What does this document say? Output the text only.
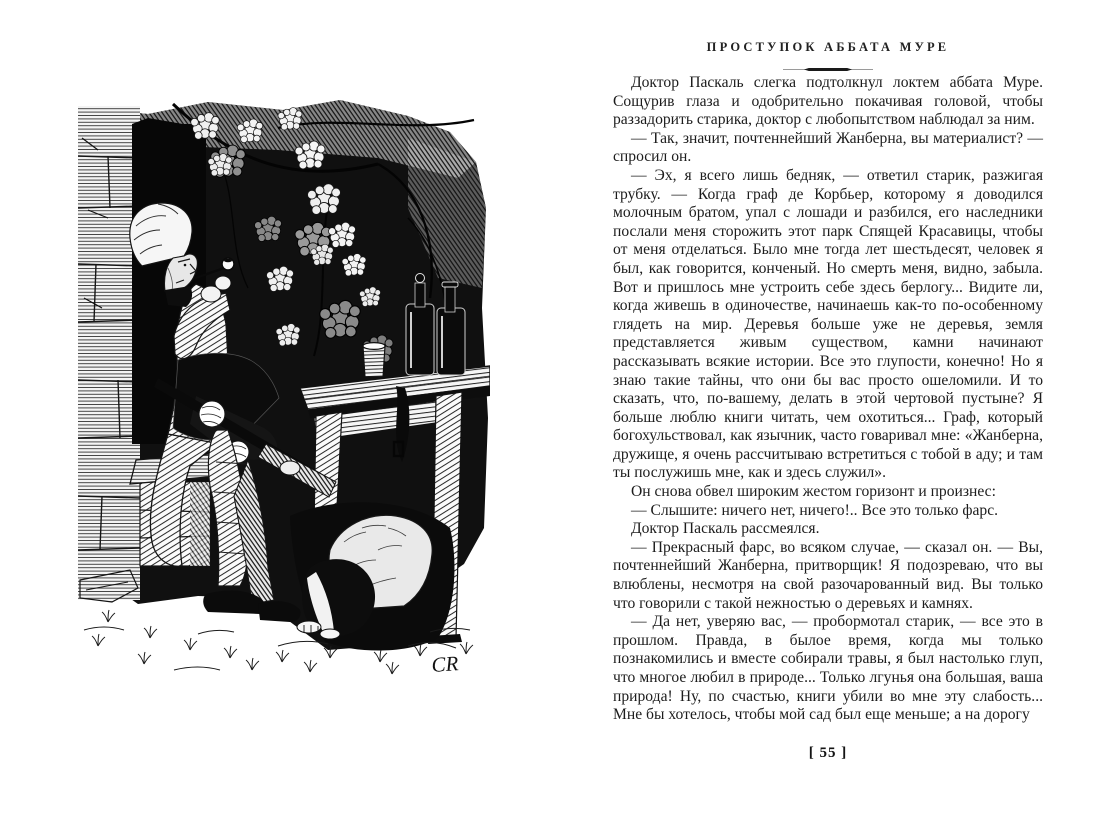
CR
ПРОСТУПОК АББАТА МУРЕ

Доктор Паскаль слегка подтолкнул локтем аббата Муре. Сощурив глаза и одобрительно покачивая головой, чтобы раззадорить старика, доктор с любопытством наблюдал за ним.

— Так, значит, почтеннейший Жанберна, вы материалист? — спросил он.

— Эх, я всего лишь бедняк, — ответил старик, разжигая трубку. — Когда граф де Корбьер, которому я доводился молочным братом, упал с лошади и разбился, его наследники послали меня сторожить этот парк Спящей Красавицы, чтобы от меня отделаться. Было мне тогда лет шестьдесят, человек я был, как говорится, конченый. Но смерть меня, видно, забыла. Вот и пришлось мне устроить себе здесь берлогу... Видите ли, когда живешь в одиночестве, начинаешь как-то по-особенному глядеть на мир. Деревья больше уже не деревья, земля представляется живым существом, камни начинают рассказывать всякие истории. Все это глупости, конечно! Но я знаю такие тайны, что они бы вас просто ошеломили. И то сказать, что, по-вашему, делать в этой чертовой пустыне? Я больше люблю книги читать, чем охотиться... Граф, который богохульствовал, как язычник, часто говаривал мне: «Жанберна, дружище, я очень рассчитываю встретиться с тобой в аду; и там ты послужишь мне, как и здесь служил».

Он снова обвел широким жестом горизонт и произнес:

— Слышите: ничего нет, ничего!.. Все это только фарс.

Доктор Паскаль рассмеялся.

— Прекрасный фарс, во всяком случае, — сказал он. — Вы, почтеннейший Жанберна, притворщик! Я подозреваю, что вы влюблены, несмотря на свой разочарованный вид. Вы только что говорили с такой нежностью о деревьях и камнях.

— Да нет, уверяю вас, — пробормотал старик, — все это в прошлом. Правда, в былое время, когда мы только познакомились и вместе собирали травы, я был настолько глуп, что многое любил в природе... Только лгунья она большая, ваша природа! Ну, по счастью, книги убили во мне эту слабость... Мне бы хотелось, чтобы мой сад был еще меньше; а на дорогу

[ 55 ]
